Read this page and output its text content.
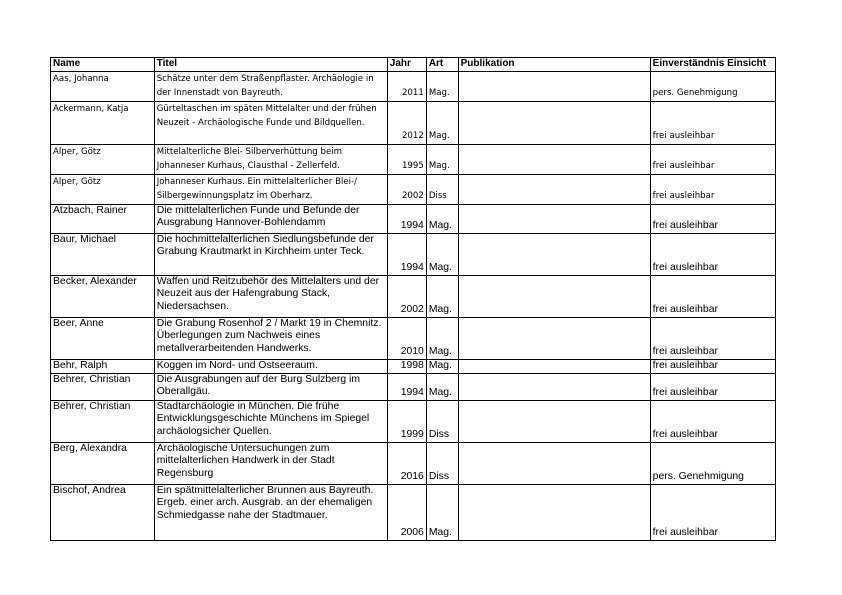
Name	Titel	Jahr	Art	Publikation	Einverständnis Einsicht
Aas, Johanna	Schätze unter dem Straßenpflaster. Archäologie in der Innenstadt von Bayreuth.	2011	Mag.		pers. Genehmigung
Ackermann, Katja	Gürteltaschen im späten Mittelalter und der frühen Neuzeit - Archäologische Funde und Bildquellen.	2012	Mag.		frei ausleihbar
Alper, Götz	Mittelalterliche Blei- Silberverhüttung beim Johanneser Kurhaus, Clausthal - Zellerfeld.	1995	Mag.		frei ausleihbar
Alper, Götz	Johanneser Kurhaus. Ein mittelalterlicher Blei-/ Silbergewinnungsplatz im Oberharz.	2002	Diss		frei ausleihbar
Atzbach, Rainer	Die mittelalterlichen Funde und Befunde der Ausgrabung Hannover-Bohlendamm	1994	Mag.		frei ausleihbar
Baur, Michael	Die hochmittelalterlichen Siedlungsbefunde der Grabung Krautmarkt in Kirchheim unter Teck.	1994	Mag.		frei ausleihbar
Becker, Alexander	Waffen und Reitzubehör des Mittelalters und der Neuzeit aus der Hafengrabung Stack, Niedersachsen.	2002	Mag.		frei ausleihbar
Beer, Anne	Die Grabung Rosenhof 2 / Markt 19 in Chemnitz. Überlegungen zum Nachweis eines metallverarbeitenden Handwerks.	2010	Mag.		frei ausleihbar
Behr, Ralph	Koggen im Nord- und Ostseeraum.	1998	Mag.		frei ausleihbar
Behrer, Christian	Die Ausgrabungen auf der Burg Sulzberg im Oberallgäu.	1994	Mag.		frei ausleihbar
Behrer, Christian	Stadtarchäologie in München. Die frühe Entwicklungsgeschichte Münchens im Spiegel archäologsicher Quellen.	1999	Diss		frei ausleihbar
Berg, Alexandra	Archäologische Untersuchungen zum mittelalterlichen Handwerk in der Stadt Regensburg	2016	Diss		pers. Genehmigung
Bischof, Andrea	Ein spätmittelalterlicher Brunnen aus Bayreuth. Ergeb. einer arch. Ausgrab. an der ehemaligen Schmiedgasse nahe der Stadtmauer.	2006	Mag.		frei ausleihbar
